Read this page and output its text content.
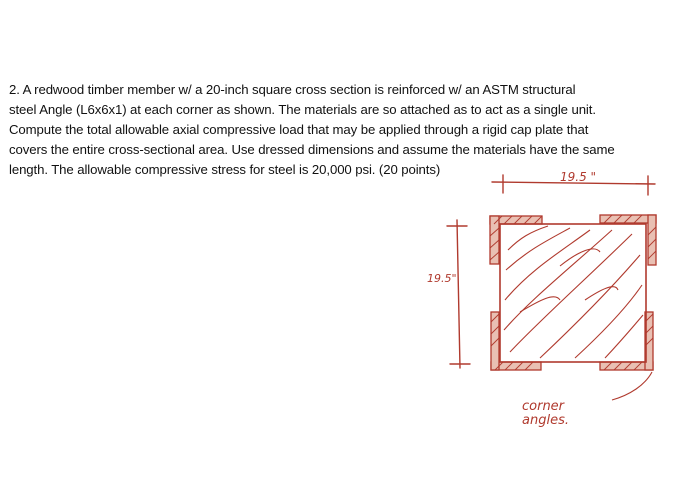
2. A redwood timber member w/ a 20-inch square cross section is reinforced w/ an ASTM structural
steel Angle (L6x6x1) at each corner as shown. The materials are so attached as to act as a single unit.
Compute the total allowable axial compressive load that may be applied through a rigid cap plate that
covers the entire cross-sectional area. Use dressed dimensions and assume the materials have the same
length. The allowable compressive stress for steel is 20,000 psi. (20 points)	19.5 "
19.5"
corner
angles.
